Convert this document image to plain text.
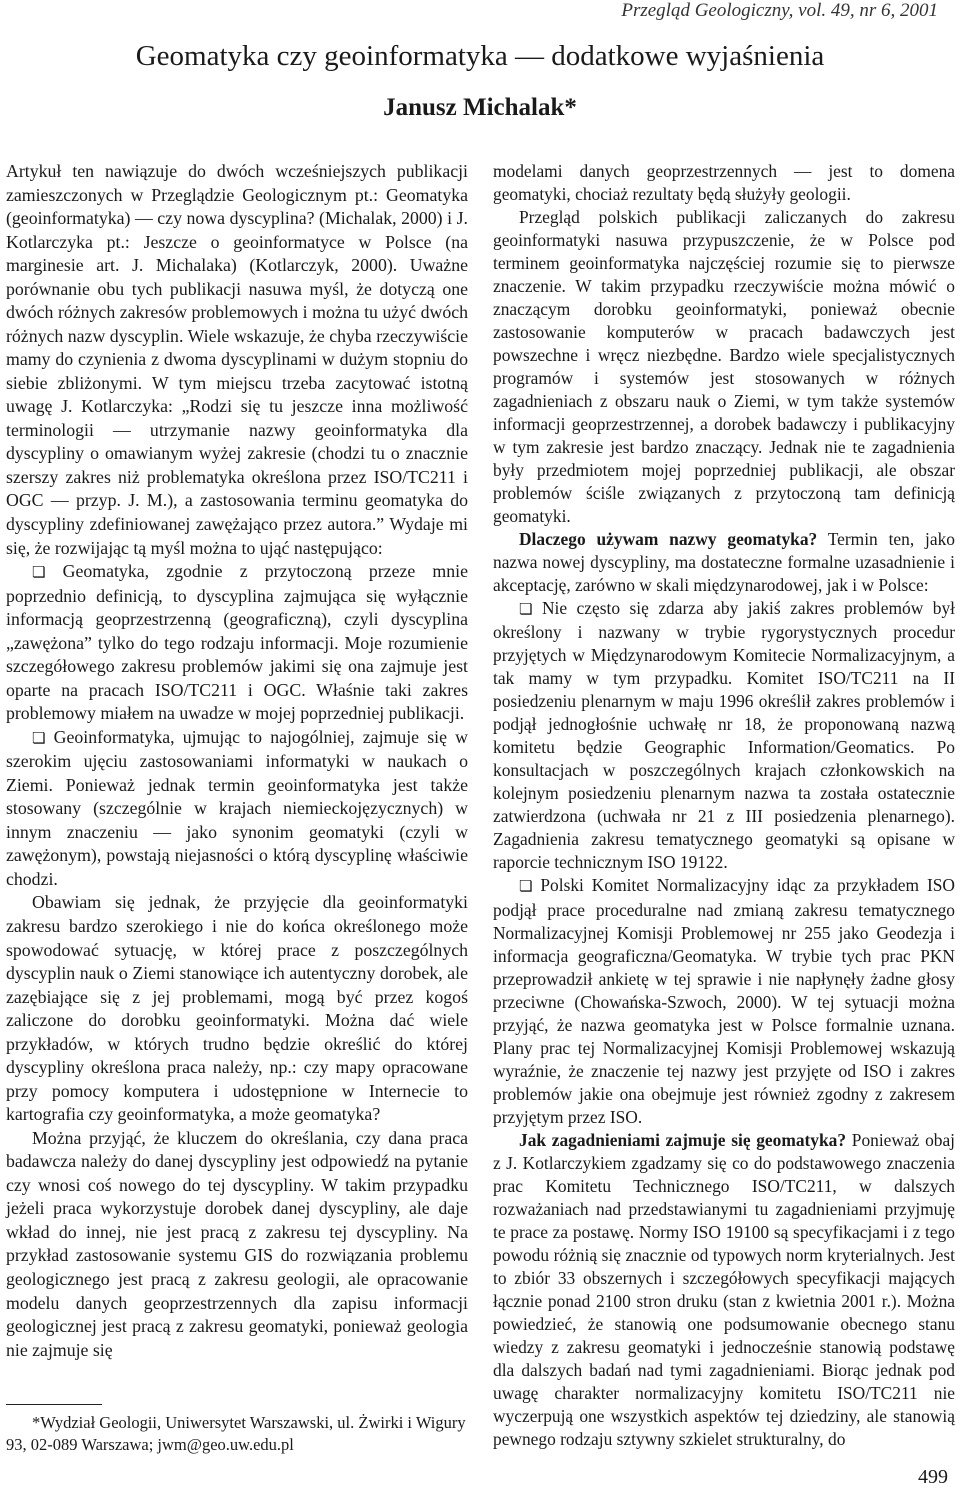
Przegląd Geologiczny, vol. 49, nr 6, 2001
Geomatyka czy geoinformatyka — dodatkowe wyjaśnienia
Janusz Michalak*

Artykuł ten nawiązuje do dwóch wcześniejszych publikacji zamieszczonych w Przeglądzie Geologicznym pt.: Geomatyka (geoinformatyka) — czy nowa dyscyplina? (Michalak, 2000) i J. Kotlarczyka pt.: Jeszcze o geoinformatyce w Polsce (na marginesie art. J. Michalaka) (Kotlarczyk, 2000). Uważne porównanie obu tych publikacji nasuwa myśl, że dotyczą one dwóch różnych zakresów problemowych i można tu użyć dwóch różnych nazw dyscyplin. Wiele wskazuje, że chyba rzeczywiście mamy do czynienia z dwoma dyscyplinami w dużym stopniu do siebie zbliżonymi. W tym miejscu trzeba zacytować istotną uwagę J. Kotlarczyka: „Rodzi się tu jeszcze inna możliwość terminologii — utrzymanie nazwy geoinformatyka dla dyscypliny o omawianym wyżej zakresie (chodzi tu o znacznie szerszy zakres niż problematyka określona przez ISO/TC211 i OGC — przyp. J. M.), a zastosowania terminu geomatyka do dyscypliny zdefiniowanej zawężająco przez autora.” Wydaje mi się, że rozwijając tą myśl można to ująć następująco:

❏ Geomatyka, zgodnie z przytoczoną przeze mnie poprzednio definicją, to dyscyplina zajmująca się wyłącznie informacją geoprzestrzenną (geograficzną), czyli dyscyplina „zawężona” tylko do tego rodzaju informacji. Moje rozumienie szczegółowego zakresu problemów jakimi się ona zajmuje jest oparte na pracach ISO/TC211 i OGC. Właśnie taki zakres problemowy miałem na uwadze w mojej poprzedniej publikacji.

❏ Geoinformatyka, ujmując to najogólniej, zajmuje się w szerokim ujęciu zastosowaniami informatyki w naukach o Ziemi. Ponieważ jednak termin geoinformatyka jest także stosowany (szczególnie w krajach niemieckojęzycznych) w innym znaczeniu — jako synonim geomatyki (czyli w zawężonym), powstają niejasności o którą dyscyplinę właściwie chodzi.

Obawiam się jednak, że przyjęcie dla geoinformatyki zakresu bardzo szerokiego i nie do końca określonego może spowodować sytuację, w której prace z poszczególnych dyscyplin nauk o Ziemi stanowiące ich autentyczny dorobek, ale zazębiające się z jej problemami, mogą być przez kogoś zaliczone do dorobku geoinformatyki. Można dać wiele przykładów, w których trudno będzie określić do której dyscypliny określona praca należy, np.: czy mapy opracowane przy pomocy komputera i udostępnione w Internecie to kartografia czy geoinformatyka, a może geomatyka?

Można przyjąć, że kluczem do określania, czy dana praca badawcza należy do danej dyscypliny jest odpowiedź na pytanie czy wnosi coś nowego do tej dyscypliny. W takim przypadku jeżeli praca wykorzystuje dorobek danej dyscypliny, ale daje wkład do innej, nie jest pracą z zakresu tej dyscypliny. Na przykład zastosowanie systemu GIS do rozwiązania problemu geologicznego jest pracą z zakresu geologii, ale opracowanie modelu danych geoprzestrzennych dla zapisu informacji geologicznej jest pracą z zakresu geomatyki, ponieważ geologia nie zajmuje się

modelami danych geoprzestrzennych — jest to domena geomatyki, chociaż rezultaty będą służyły geologii.

Przegląd polskich publikacji zaliczanych do zakresu geoinformatyki nasuwa przypuszczenie, że w Polsce pod terminem geoinformatyka najczęściej rozumie się to pierwsze znaczenie. W takim przypadku rzeczywiście można mówić o znaczącym dorobku geoinformatyki, ponieważ obecnie zastosowanie komputerów w pracach badawczych jest powszechne i wręcz niezbędne. Bardzo wiele specjalistycznych programów i systemów jest stosowanych w różnych zagadnieniach z obszaru nauk o Ziemi, w tym także systemów informacji geoprzestrzennej, a dorobek badawczy i publikacyjny w tym zakresie jest bardzo znaczący. Jednak nie te zagadnienia były przedmiotem mojej poprzedniej publikacji, ale obszar problemów ściśle związanych z przytoczoną tam definicją geomatyki.

Dlaczego używam nazwy geomatyka? Termin ten, jako nazwa nowej dyscypliny, ma dostateczne formalne uzasadnienie i akceptację, zarówno w skali międzynarodowej, jak i w Polsce:

❏ Nie często się zdarza aby jakiś zakres problemów był określony i nazwany w trybie rygorystycznych procedur przyjętych w Międzynarodowym Komitecie Normalizacyjnym, a tak mamy w tym przypadku. Komitet ISO/TC211 na II posiedzeniu plenarnym w maju 1996 określił zakres problemów i podjął jednogłośnie uchwałę nr 18, że proponowaną nazwą komitetu będzie Geographic Information/Geomatics. Po konsultacjach w poszczególnych krajach członkowskich na kolejnym posiedzeniu plenarnym nazwa ta została ostatecznie zatwierdzona (uchwała nr 21 z III posiedzenia plenarnego). Zagadnienia zakresu tematycznego geomatyki są opisane w raporcie technicznym ISO 19122.

❏ Polski Komitet Normalizacyjny idąc za przykładem ISO podjął prace proceduralne nad zmianą zakresu tematycznego Normalizacyjnej Komisji Problemowej nr 255 jako Geodezja i informacja geograficzna/Geomatyka. W trybie tych prac PKN przeprowadził ankietę w tej sprawie i nie napłynęły żadne głosy przeciwne (Chowańska-Szwoch, 2000). W tej sytuacji można przyjąć, że nazwa geomatyka jest w Polsce formalnie uznana. Plany prac tej Normalizacyjnej Komisji Problemowej wskazują wyraźnie, że znaczenie tej nazwy jest przyjęte od ISO i zakres problemów jakie ona obejmuje jest również zgodny z zakresem przyjętym przez ISO.

Jak zagadnieniami zajmuje się geomatyka? Ponieważ obaj z J. Kotlarczykiem zgadzamy się co do podstawowego znaczenia prac Komitetu Technicznego ISO/TC211, w dalszych rozważaniach nad przedstawianymi tu zagadnieniami przyjmuję te prace za postawę. Normy ISO 19100 są specyfikacjami i z tego powodu różnią się znacznie od typowych norm kryterialnych. Jest to zbiór 33 obszernych i szczegółowych specyfikacji mających łącznie ponad 2100 stron druku (stan z kwietnia 2001 r.). Można powiedzieć, że stanowią one podsumowanie obecnego stanu wiedzy z zakresu geomatyki i jednocześnie stanowią podstawę dla dalszych badań nad tymi zagadnieniami. Biorąc jednak pod uwagę charakter normalizacyjny komitetu ISO/TC211 nie wyczerpują one wszystkich aspektów tej dziedziny, ale stanowią pewnego rodzaju sztywny szkielet strukturalny, do

*Wydział Geologii, Uniwersytet Warszawski, ul. Żwirki i Wigury 93, 02-089 Warszawa; jwm@geo.uw.edu.pl

499
